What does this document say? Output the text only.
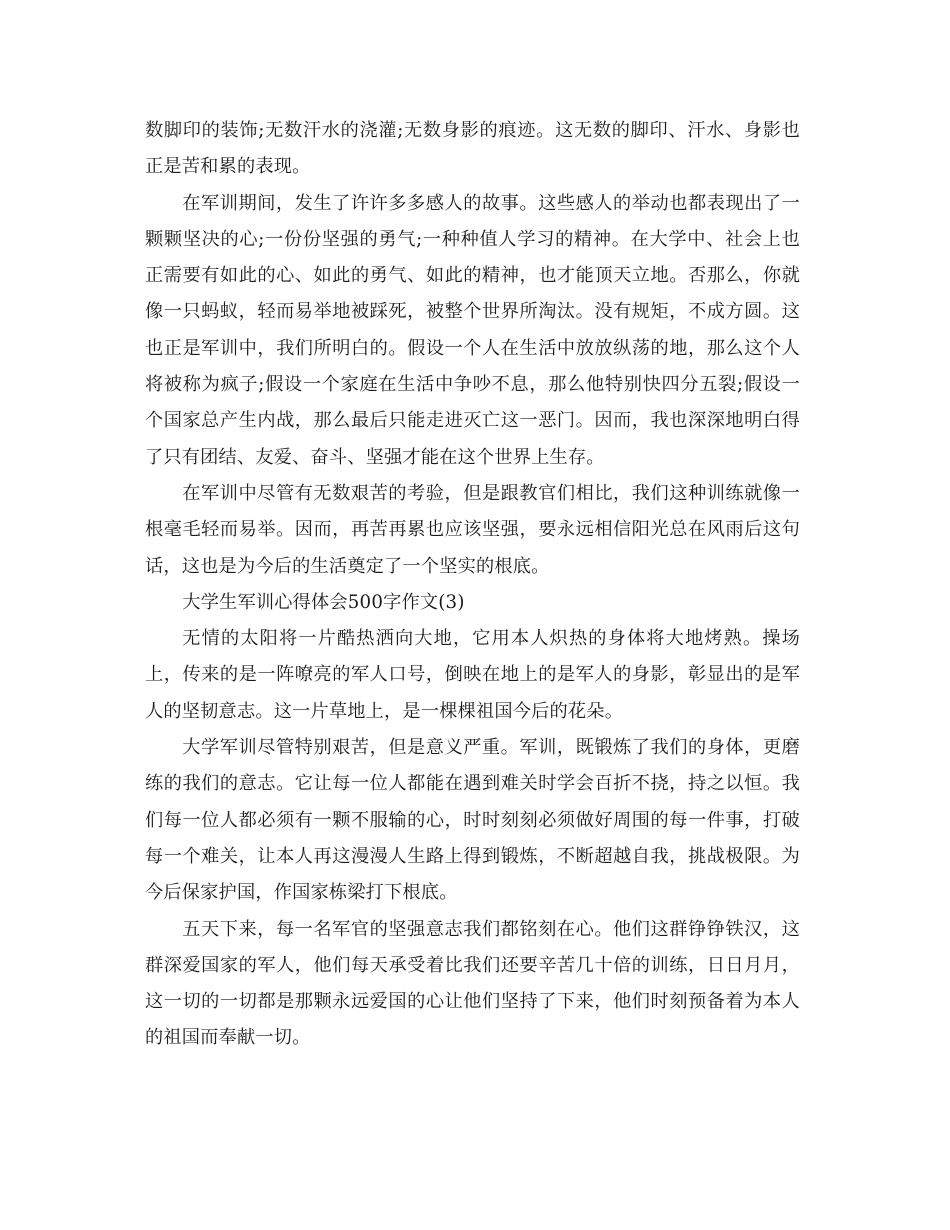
数脚印的装饰;无数汗水的浇灌;无数身影的痕迹。这无数的脚印、汗水、身影也正是苦和累的表现。

在军训期间，发生了许许多多感人的故事。这些感人的举动也都表现出了一颗颗坚决的心;一份份坚强的勇气;一种种值人学习的精神。在大学中、社会上也正需要有如此的心、如此的勇气、如此的精神，也才能顶天立地。否那么，你就像一只蚂蚁，轻而易举地被踩死，被整个世界所淘汰。没有规矩，不成方圆。这也正是军训中，我们所明白的。假设一个人在生活中放放纵荡的地，那么这个人将被称为疯子;假设一个家庭在生活中争吵不息，那么他特别快四分五裂;假设一个国家总产生内战，那么最后只能走进灭亡这一恶门。因而，我也深深地明白得了只有团结、友爱、奋斗、坚强才能在这个世界上生存。

在军训中尽管有无数艰苦的考验，但是跟教官们相比，我们这种训练就像一根毫毛轻而易举。因而，再苦再累也应该坚强，要永远相信阳光总在风雨后这句话，这也是为今后的生活奠定了一个坚实的根底。

大学生军训心得体会500字作文(3)

无情的太阳将一片酷热洒向大地，它用本人炽热的身体将大地烤熟。操场上，传来的是一阵嘹亮的军人口号，倒映在地上的是军人的身影，彰显出的是军人的坚韧意志。这一片草地上，是一棵棵祖国今后的花朵。

大学军训尽管特别艰苦，但是意义严重。军训，既锻炼了我们的身体，更磨练的我们的意志。它让每一位人都能在遇到难关时学会百折不挠，持之以恒。我们每一位人都必须有一颗不服输的心，时时刻刻必须做好周围的每一件事，打破每一个难关，让本人再这漫漫人生路上得到锻炼，不断超越自我，挑战极限。为今后保家护国，作国家栋梁打下根底。

五天下来，每一名军官的坚强意志我们都铭刻在心。他们这群铮铮铁汉，这群深爱国家的军人，他们每天承受着比我们还要辛苦几十倍的训练，日日月月，这一切的一切都是那颗永远爱国的心让他们坚持了下来，他们时刻预备着为本人的祖国而奉献一切。
